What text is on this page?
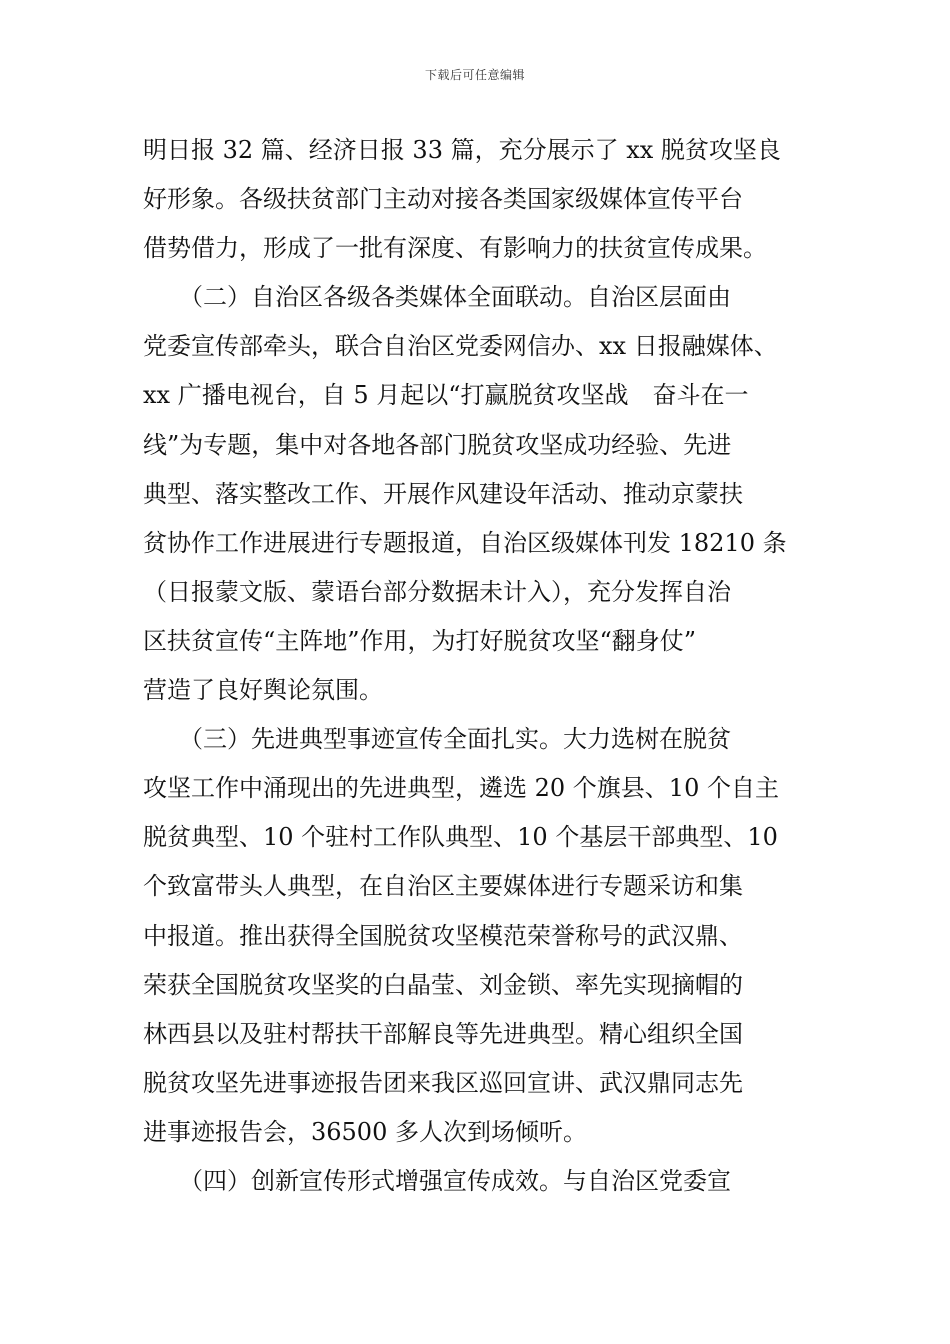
下载后可任意编辑
明日报 32 篇、经济日报 33 篇，充分展示了 xx 脱贫攻坚良
好形象。各级扶贫部门主动对接各类国家级媒体宣传平台
借势借力，形成了一批有深度、有影响力的扶贫宣传成果。
　　（二）自治区各级各类媒体全面联动。自治区层面由
党委宣传部牵头，联合自治区党委网信办、xx 日报融媒体、
xx 广播电视台，自 5 月起以“打赢脱贫攻坚战　奋斗在一
线”为专题，集中对各地各部门脱贫攻坚成功经验、先进
典型、落实整改工作、开展作风建设年活动、推动京蒙扶
贫协作工作进展进行专题报道，自治区级媒体刊发 18210 条
（日报蒙文版、蒙语台部分数据未计入），充分发挥自治
区扶贫宣传“主阵地”作用，为打好脱贫攻坚“翻身仗”
营造了良好舆论氛围。
　　（三）先进典型事迹宣传全面扎实。大力选树在脱贫
攻坚工作中涌现出的先进典型，遴选 20 个旗县、10 个自主
脱贫典型、10 个驻村工作队典型、10 个基层干部典型、10
个致富带头人典型，在自治区主要媒体进行专题采访和集
中报道。推出获得全国脱贫攻坚模范荣誉称号的武汉鼎、
荣获全国脱贫攻坚奖的白晶莹、刘金锁、率先实现摘帽的
林西县以及驻村帮扶干部解良等先进典型。精心组织全国
脱贫攻坚先进事迹报告团来我区巡回宣讲、武汉鼎同志先
进事迹报告会，36500 多人次到场倾听。
　　（四）创新宣传形式增强宣传成效。与自治区党委宣
